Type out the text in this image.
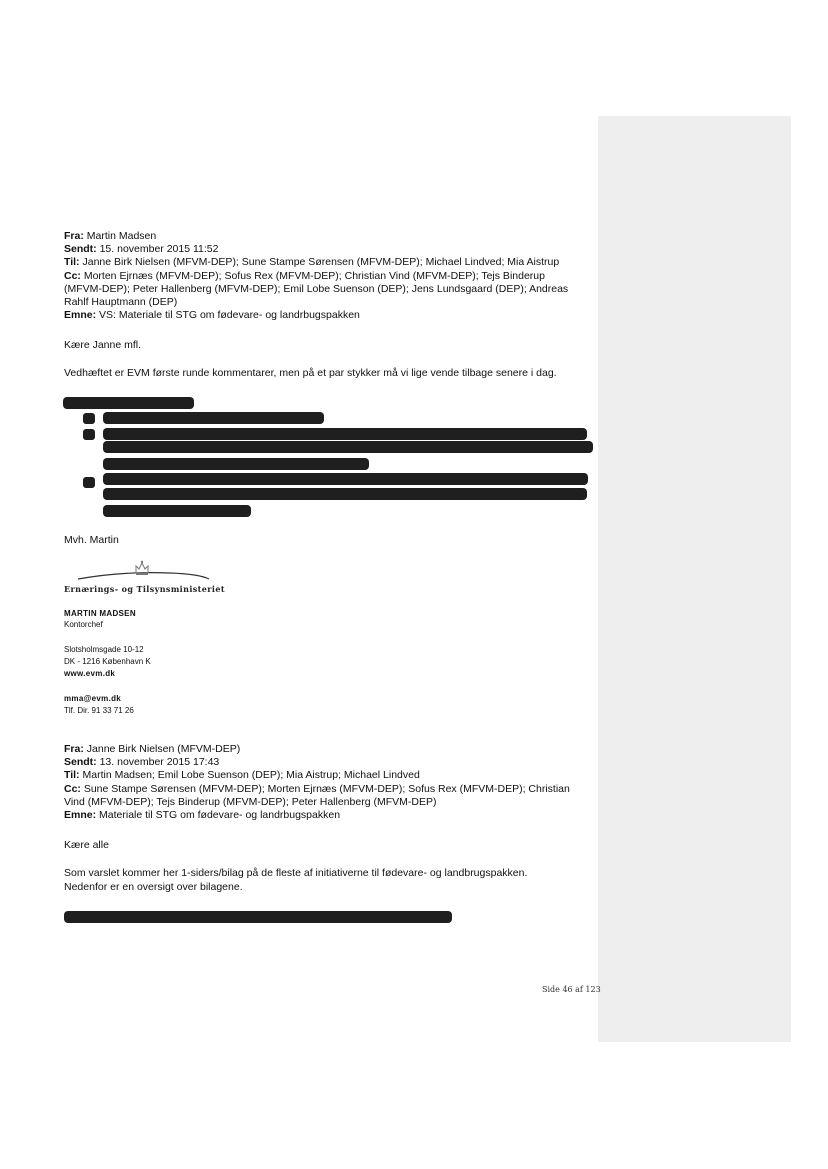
Fra: Martin Madsen
Sendt: 15. november 2015 11:52
Til: Janne Birk Nielsen (MFVM-DEP); Sune Stampe Sørensen (MFVM-DEP); Michael Lindved; Mia Aistrup
Cc: Morten Ejrnæs (MFVM-DEP); Sofus Rex (MFVM-DEP); Christian Vind (MFVM-DEP); Tejs Binderup
(MFVM-DEP); Peter Hallenberg (MFVM-DEP); Emil Lobe Suenson (DEP); Jens Lundsgaard (DEP); Andreas
Rahlf Hauptmann (DEP)
Emne: VS: Materiale til STG om fødevare- og landrbugspakken
Kære Janne mfl.
Vedhæftet er EVM første runde kommentarer, men på et par stykker må vi lige vende tilbage senere i dag.
Mvh. Martin
Ernærings- og Tilsynsministeriet
MARTIN MADSEN
Kontorchef
Slotsholmsgade 10-12
DK - 1216 København K
www.evm.dk
mma@evm.dk
Tlf. Dir. 91 33 71 26
Fra: Janne Birk Nielsen (MFVM-DEP)
Sendt: 13. november 2015 17:43
Til: Martin Madsen; Emil Lobe Suenson (DEP); Mia Aistrup; Michael Lindved
Cc: Sune Stampe Sørensen (MFVM-DEP); Morten Ejrnæs (MFVM-DEP); Sofus Rex (MFVM-DEP); Christian
Vind (MFVM-DEP); Tejs Binderup (MFVM-DEP); Peter Hallenberg (MFVM-DEP)
Emne: Materiale til STG om fødevare- og landrbugspakken
Kære alle
Som varslet kommer her 1-siders/bilag på de fleste af initiativerne til fødevare- og landbrugspakken.
Nedenfor er en oversigt over bilagene.
Side 46 af 123
